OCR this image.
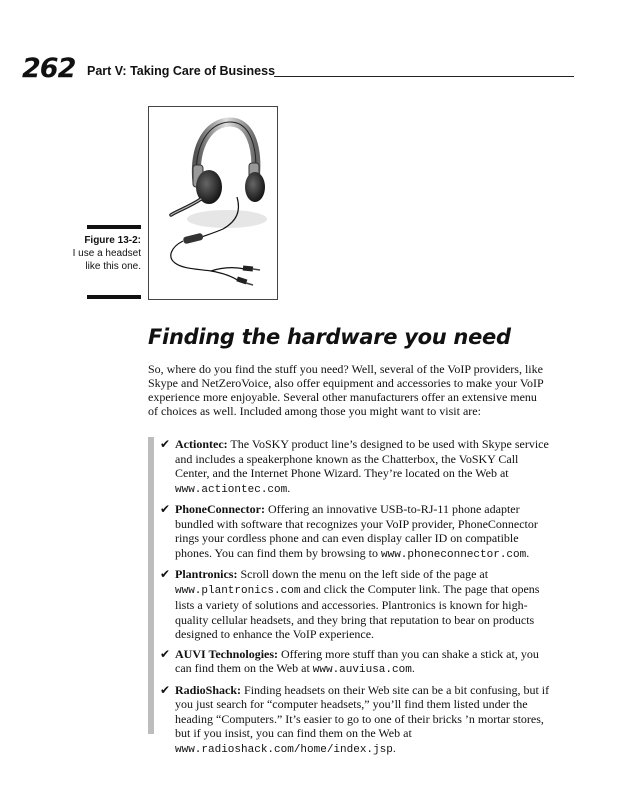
262 Part V: Taking Care of Business
Figure 13-2:
I use a headset like this one.
Finding the hardware you need

So, where do you find the stuff you need? Well, several of the VoIP providers, like Skype and NetZeroVoice, also offer equipment and accessories to make your VoIP experience more enjoyable. Several other manufacturers offer an extensive menu of choices as well. Included among those you might want to visit are:

✔ Actiontec: The VoSKY product line’s designed to be used with Skype service and includes a speakerphone known as the Chatterbox, the VoSKY Call Center, and the Internet Phone Wizard. They’re located on the Web at www.actiontec.com.
✔ PhoneConnector: Offering an innovative USB-to-RJ-11 phone adapter bundled with software that recognizes your VoIP provider, PhoneConnector rings your cordless phone and can even display caller ID on compatible phones. You can find them by browsing to www.phoneconnector.com.
✔ Plantronics: Scroll down the menu on the left side of the page at www.plantronics.com and click the Computer link. The page that opens lists a variety of solutions and accessories. Plantronics is known for high-quality cellular headsets, and they bring that reputation to bear on products designed to enhance the VoIP experience.
✔ AUVI Technologies: Offering more stuff than you can shake a stick at, you can find them on the Web at www.auviusa.com.
✔ RadioShack: Finding headsets on their Web site can be a bit confusing, but if you just search for “computer headsets,” you’ll find them listed under the heading “Computers.” It’s easier to go to one of their bricks ’n mortar stores, but if you insist, you can find them on the Web at www.radioshack.com/home/index.jsp.
